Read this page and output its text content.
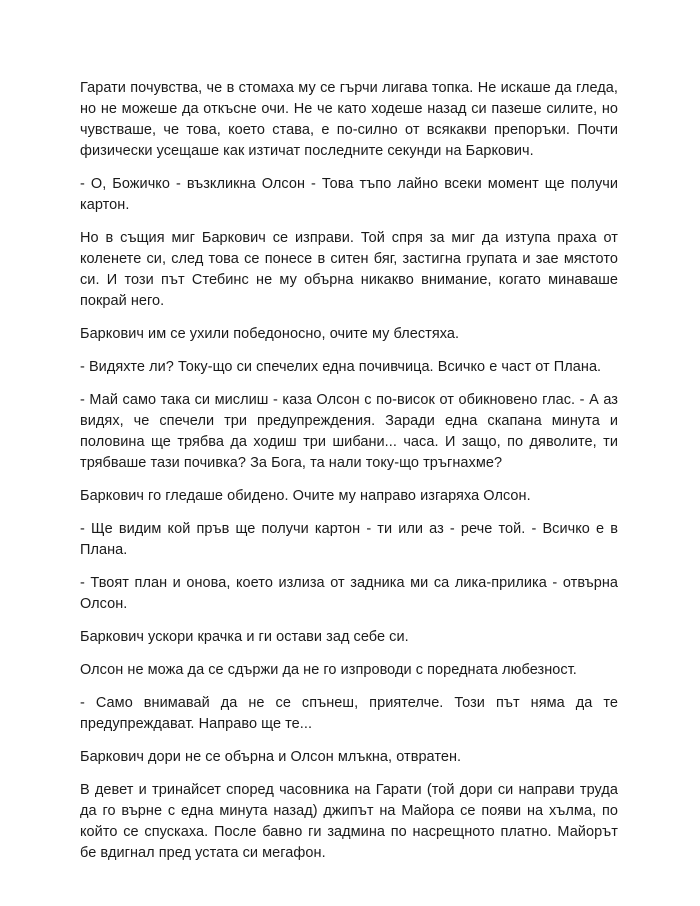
Гарати почувства, че в стомаха му се гърчи лигава топка. Не искаше да гледа, но не можеше да откъсне очи. Не че като ходеше назад си пазеше силите, но чувстваше, че това, което става, е по-силно от всякакви препоръки. Почти физически усещаше как изтичат последните секунди на Баркович.

- О, Божичко - възкликна Олсон - Това тъпо лайно всеки момент ще получи картон.

Но в същия миг Баркович се изправи. Той спря за миг да изтупа праха от коленете си, след това се понесе в ситен бяг, застигна групата и зае мястото си. И този път Стебинс не му обърна никакво внимание, когато минаваше покрай него.

Баркович им се ухили победоносно, очите му блестяха.

- Видяхте ли? Току-що си спечелих една почивчица. Всичко е част от Плана.

- Май само така си мислиш - каза Олсон с по-висок от обикновено глас. - А аз видях, че спечели три предупреждения. Заради една скапана минута и половина ще трябва да ходиш три шибани... часа. И защо, по дяволите, ти трябваше тази почивка? За Бога, та нали току-що тръгнахме?

Баркович го гледаше обидено. Очите му направо изгаряха Олсон.

- Ще видим кой пръв ще получи картон - ти или аз - рече той. - Всичко е в Плана.

- Твоят план и онова, което излиза от задника ми са лика-прилика - отвърна Олсон.

Баркович ускори крачка и ги остави зад себе си.

Олсон не можа да се сдържи да не го изпроводи с поредната любезност.

- Само внимавай да не се спънеш, приятелче. Този път няма да те предупреждават. Направо ще те...

Баркович дори не се обърна и Олсон млъкна, отвратен.

В девет и тринайсет според часовника на Гарати (той дори си направи труда да го върне с една минута назад) джипът на Майора се появи на хълма, по който се спускаха. После бавно ги задмина по насрещното платно. Майорът бе вдигнал пред устата си мегафон.
